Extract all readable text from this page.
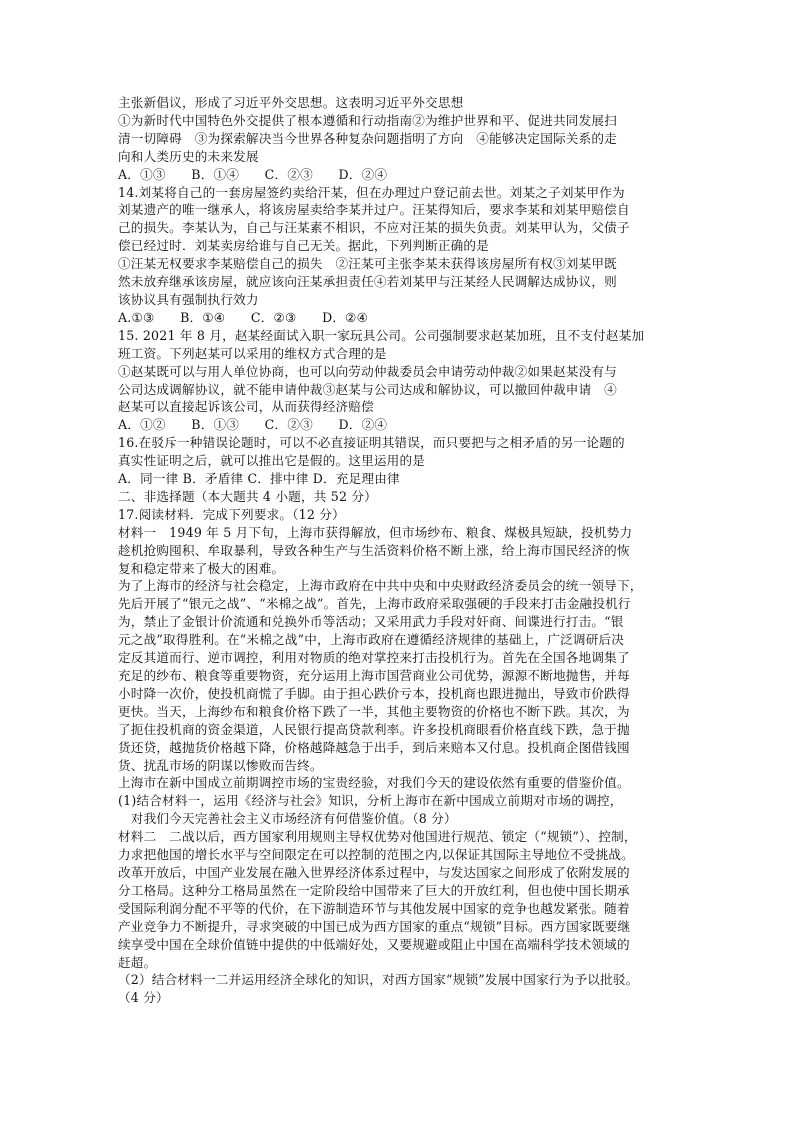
主张新倡议，形成了习近平外交思想。这表明习近平外交思想
①为新时代中国特色外交提供了根本遵循和行动指南②为维护世界和平、促进共同发展扫
清一切障碍　③为探索解决当今世界各种复杂问题指明了方向　④能够决定国际关系的走
向和人类历史的未来发展
A．①③　　B．①④　　C．②③　　D．②④
14.刘某将自己的一套房屋签约卖给汗某，但在办理过户登记前去世。刘某之子刘某甲作为
刘某遗产的唯一继承人，将该房屋卖给李某并过户。汪某得知后，要求李某和刘某甲赔偿自
己的损失。李某认为，自己与汪某素不相识，不应对汪某的损失负责。刘某甲认为，父债子
偿已经过时．刘某卖房给谁与自己无关。据此，下列判断正确的是
①汪某无权要求李某赔偿自己的损失　②汪某可主张李某未获得该房屋所有权③刘某甲既
然未放弃继承该房屋，就应该向汪某承担责任④若刘某甲与汪某经人民调解达成协议，则
该协议具有强制执行效力
A.①③　　B．①④　　C．②③　　D．②④
15. 2021 年 8 月，赵某经面试入职一家玩具公司。公司强制要求赵某加班，且不支付赵某加
班工资。下列赵某可以采用的维权方式合理的是
①赵某既可以与用人单位协商，也可以向劳动仲裁委员会申请劳动仲裁②如果赵某没有与
公司达成调解协议，就不能申请仲裁③赵某与公司达成和解协议，可以撤回仲裁申请　④
赵某可以直接起诉该公司，从而获得经济赔偿
A．①②　　B．①③　　C．②③　　D．②④
16.在驳斥一种错误论题时，可以不必直接证明其错误，而只要把与之相矛盾的另一论题的
真实性证明之后，就可以推出它是假的。这里运用的是
A．同一律 B．矛盾律 C．排中律 D．充足理由律
二、非选择题（本大题共 4 小题，共 52 分）
17.阅读材料．完成下列要求。（12 分）
材料一　1949 年 5 月下旬，上海市获得解放，但市场纱布、粮食、煤极具短缺，投机势力
趁机抢购囤积、牟取暴利，导致各种生产与生活资料价格不断上涨，给上海市国民经济的恢
复和稳定带来了极大的困难。
为了上海市的经济与社会稳定，上海市政府在中共中央和中央财政经济委员会的统一领导下，
先后开展了“银元之战”、“米棉之战”。首先，上海市政府采取强硬的手段来打击金融投机行
为，禁止了金银计价流通和兑换外币等活动；又采用武力手段对奸商、间谍进行打击。“银
元之战”取得胜利。在“米棉之战”中，上海市政府在遵循经济规律的基础上，广泛调研后决
定反其道而行、逆市调控，利用对物质的绝对掌控来打击投机行为。首先在全国各地调集了
充足的纱布、粮食等重要物资，充分运用上海市国营商业公司优势，源源不断地抛售，并每
小时降一次价，使投机商慌了手脚。由于担心跌价亏本，投机商也跟进抛出，导致市价跌得
更快。当天，上海纱布和粮食价格下跌了一半，其他主要物资的价格也不断下跌。其次，为
了扼住投机商的资金渠道，人民银行提高贷款利率。许多投机商眼看价格直线下跌，急于抛
货还贷，越抛货价格越下降，价格越降越急于出手，到后来赔本又付息。投机商企图借钱囤
货、扰乱市场的阴谋以惨败而告终。
上海市在新中国成立前期调控市场的宝贵经验，对我们今天的建设依然有重要的借鉴价值。
(1)结合材料一，运用《经济与社会》知识，分析上海市在新中国成立前期对市场的调控，
　对我们今天完善社会主义市场经济有何借鉴价值。（8 分）
材料二　二战以后，西方国家利用规则主导权优势对他国进行规范、锁定（“规锁”）、控制，
力求把他国的增长水平与空间限定在可以控制的范围之内,以保证其国际主导地位不受挑战。
改革开放后，中国产业发展在融入世界经济体系过程中，与发达国家之间形成了依附发展的
分工格局。这种分工格局虽然在一定阶段给中国带来了巨大的开放红利，但也使中国长期承
受国际利润分配不平等的代价，在下游制造环节与其他发展中国家的竞争也越发紧张。随着
产业竞争力不断提升，寻求突破的中国已成为西方国家的重点“规锁”目标。西方国家既要继
续享受中国在全球价值链中提供的中低端好处，又要规避或阻止中国在高端科学技术领域的
赶超。
（2）结合材料一二并运用经济全球化的知识，对西方国家“规锁”发展中国家行为予以批驳。
（4 分）
